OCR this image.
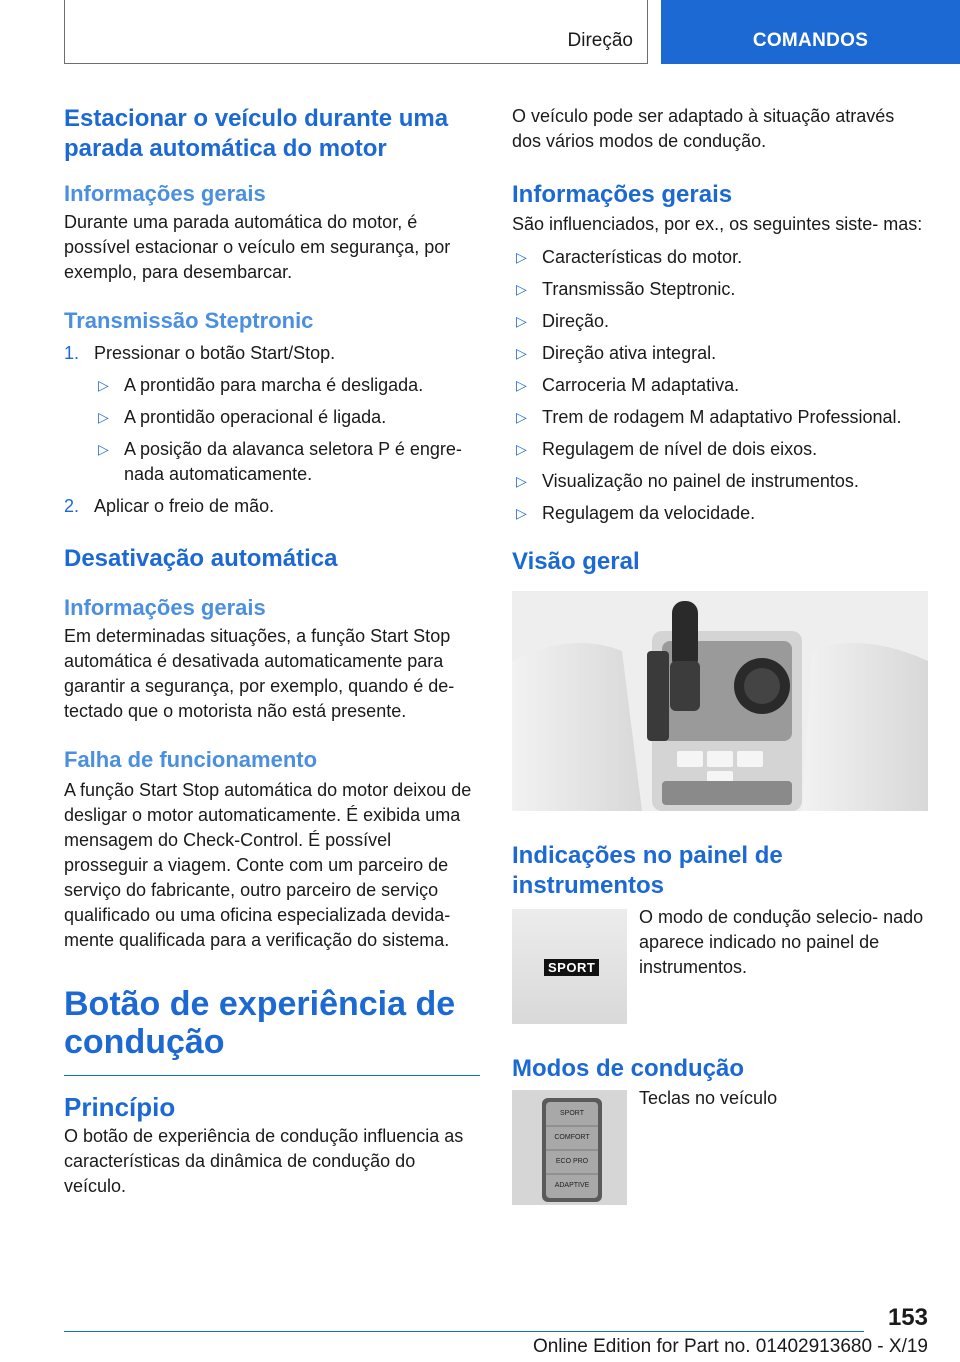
Direção	COMANDOS
Estacionar o veículo durante uma parada automática do motor
Informações gerais

Durante uma parada automática do motor, é possível estacionar o veículo em segurança, por exemplo, para desembarcar.

Transmissão Steptronic
1. Pressionar o botão Start/Stop.
▷ A prontidão para marcha é desligada.
▷ A prontidão operacional é ligada.
▷ A posição da alavanca seletora P é engre- nada automaticamente.
2. Aplicar o freio de mão.
Desativação automática
Informações gerais

Em determinadas situações, a função Start Stop automática é desativada automaticamente para garantir a segurança, por exemplo, quando é de- tectado que o motorista não está presente.

Falha de funcionamento

A função Start Stop automática do motor deixou de desligar o motor automaticamente. É exibida uma mensagem do Check-Control. É possível prosseguir a viagem. Conte com um parceiro de serviço do fabricante, outro parceiro de serviço qualificado ou uma oficina especializada devida- mente qualificada para a verificação do sistema.

Botão de experiência de condução
Princípio

O botão de experiência de condução influencia as características da dinâmica de condução do veículo.

O veículo pode ser adaptado à situação através dos vários modos de condução.

Informações gerais

São influenciados, por ex., os seguintes siste- mas:

▷ Características do motor.
▷ Transmissão Steptronic.
▷ Direção.
▷ Direção ativa integral.
▷ Carroceria M adaptativa.
▷ Trem de rodagem M adaptativo Professional.
▷ Regulagem de nível de dois eixos.
▷ Visualização no painel de instrumentos.
▷ Regulagem da velocidade.
Visão geral
Indicações no painel de instrumentos
SPORT

O modo de condução selecio- nado aparece indicado no painel de instrumentos.

Modos de condução
SPORT
COMFORT
ECO PRO
ADAPTIVE

Teclas no veículo

153
Online Edition for Part no. 01402913680 - X/19
